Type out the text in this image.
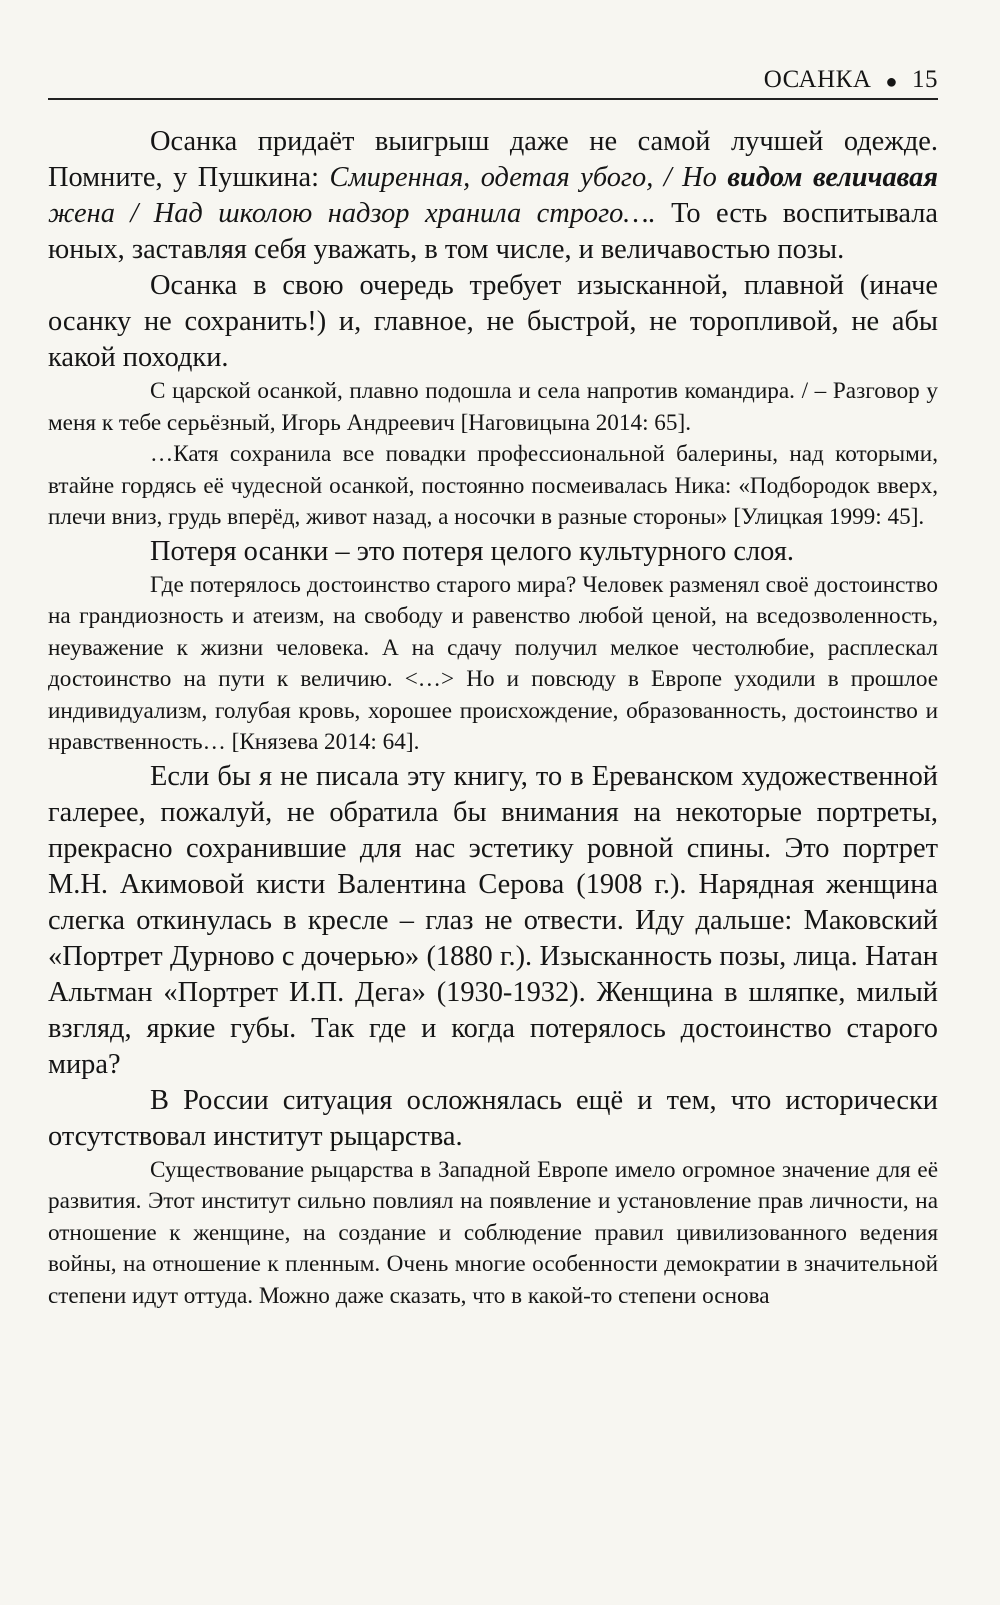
ОСАНКА ● 15

Осанка придаёт выигрыш даже не самой лучшей одежде. Помните, у Пушкина: Смиренная, одетая убого, / Но видом величавая жена / Над школою надзор хранила строго…. То есть воспитывала юных, заставляя себя уважать, в том числе, и величавостью позы.

Осанка в свою очередь требует изысканной, плавной (иначе осанку не сохранить!) и, главное, не быстрой, не торопливой, не абы какой походки.

С царской осанкой, плавно подошла и села напротив командира. / – Разговор у меня к тебе серьёзный, Игорь Андреевич [Наговицына 2014: 65].

…Катя сохранила все повадки профессиональной балерины, над которыми, втайне гордясь её чудесной осанкой, постоянно посмеивалась Ника: «Подбородок вверх, плечи вниз, грудь вперёд, живот назад, а носочки в разные стороны» [Улицкая 1999: 45].

Потеря осанки – это потеря целого культурного слоя.

Где потерялось достоинство старого мира? Человек разменял своё достоинство на грандиозность и атеизм, на свободу и равенство любой ценой, на вседозволенность, неуважение к жизни человека. А на сдачу получил мелкое честолюбие, расплескал достоинство на пути к величию. <…> Но и повсюду в Европе уходили в прошлое индивидуализм, голубая кровь, хорошее происхождение, образованность, достоинство и нравственность… [Князева 2014: 64].

Если бы я не писала эту книгу, то в Ереванском художественной галерее, пожалуй, не обратила бы внимания на некоторые портреты, прекрасно сохранившие для нас эстетику ровной спины. Это портрет М.Н. Акимовой кисти Валентина Серова (1908 г.). Нарядная женщина слегка откинулась в кресле – глаз не отвести. Иду дальше: Маковский «Портрет Дурново с дочерью» (1880 г.). Изысканность позы, лица. Натан Альтман «Портрет И.П. Дега» (1930-1932). Женщина в шляпке, милый взгляд, яркие губы. Так где и когда потерялось достоинство старого мира?

В России ситуация осложнялась ещё и тем, что исторически отсутствовал институт рыцарства.

Существование рыцарства в Западной Европе имело огромное значение для её развития. Этот институт сильно повлиял на появление и установление прав личности, на отношение к женщине, на создание и соблюдение правил цивилизованного ведения войны, на отношение к пленным. Очень многие особенности демократии в значительной степени идут оттуда. Можно даже сказать, что в какой-то степени основа
